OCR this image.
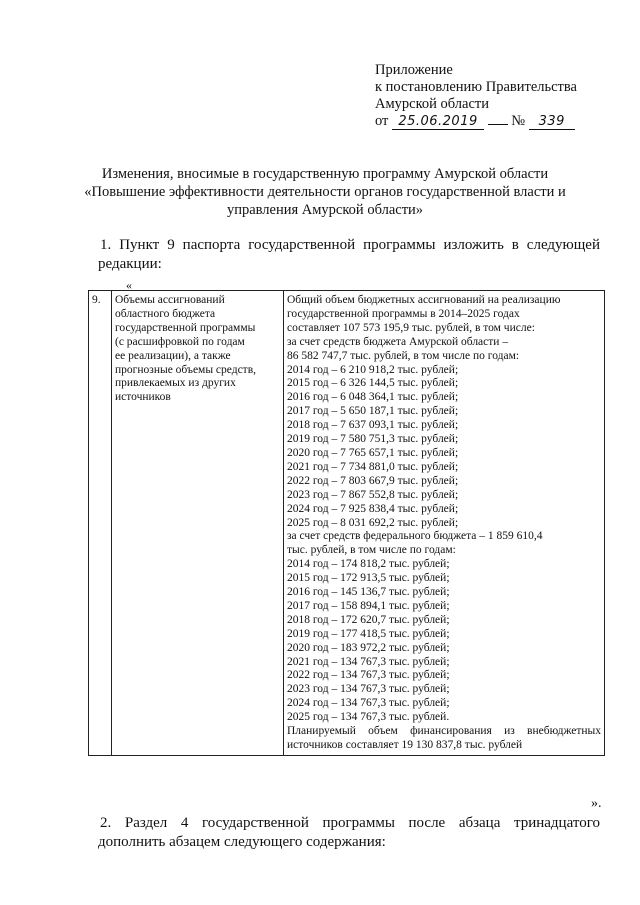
Приложение
к постановлению Правительства
Амурской области
от 25.06.2019 № 339
Изменения, вносимые в государственную программу Амурской области
«Повышение эффективности деятельности органов государственной власти и
управления Амурской области»
1. Пункт 9 паспорта государственной программы изложить в следующей
редакции:
«
9.	Объемы ассигнований
областного бюджета
государственной программы
(с расшифровкой по годам
ее реализации), а также
прогнозные объемы средств,
привлекаемых из других
источников

Общий объем бюджетных ассигнований на реализацию
государственной программы в 2014–2025 годах
составляет 107 573 195,9 тыс. рублей, в том числе:
за счет средств бюджета Амурской области –
86 582 747,7 тыс. рублей, в том числе по годам:
2014 год – 6 210 918,2 тыс. рублей;
2015 год – 6 326 144,5 тыс. рублей;
2016 год – 6 048 364,1 тыс. рублей;
2017 год – 5 650 187,1 тыс. рублей;
2018 год – 7 637 093,1 тыс. рублей;
2019 год – 7 580 751,3 тыс. рублей;
2020 год – 7 765 657,1 тыс. рублей;
2021 год – 7 734 881,0 тыс. рублей;
2022 год – 7 803 667,9 тыс. рублей;
2023 год – 7 867 552,8 тыс. рублей;
2024 год – 7 925 838,4 тыс. рублей;
2025 год – 8 031 692,2 тыс. рублей;
за счет средств федерального бюджета – 1 859 610,4
тыс. рублей, в том числе по годам:
2014 год – 174 818,2 тыс. рублей;
2015 год – 172 913,5 тыс. рублей;
2016 год – 145 136,7 тыс. рублей;
2017 год – 158 894,1 тыс. рублей;
2018 год – 172 620,7 тыс. рублей;
2019 год – 177 418,5 тыс. рублей;
2020 год – 183 972,2 тыс. рублей;
2021 год – 134 767,3 тыс. рублей;
2022 год – 134 767,3 тыс. рублей;
2023 год – 134 767,3 тыс. рублей;
2024 год – 134 767,3 тыс. рублей;
2025 год – 134 767,3 тыс. рублей.
Планируемый объем финансирования из внебюджетных
источников составляет 19 130 837,8 тыс. рублей
».
2. Раздел 4 государственной программы после абзаца тринадцатого
дополнить абзацем следующего содержания:
